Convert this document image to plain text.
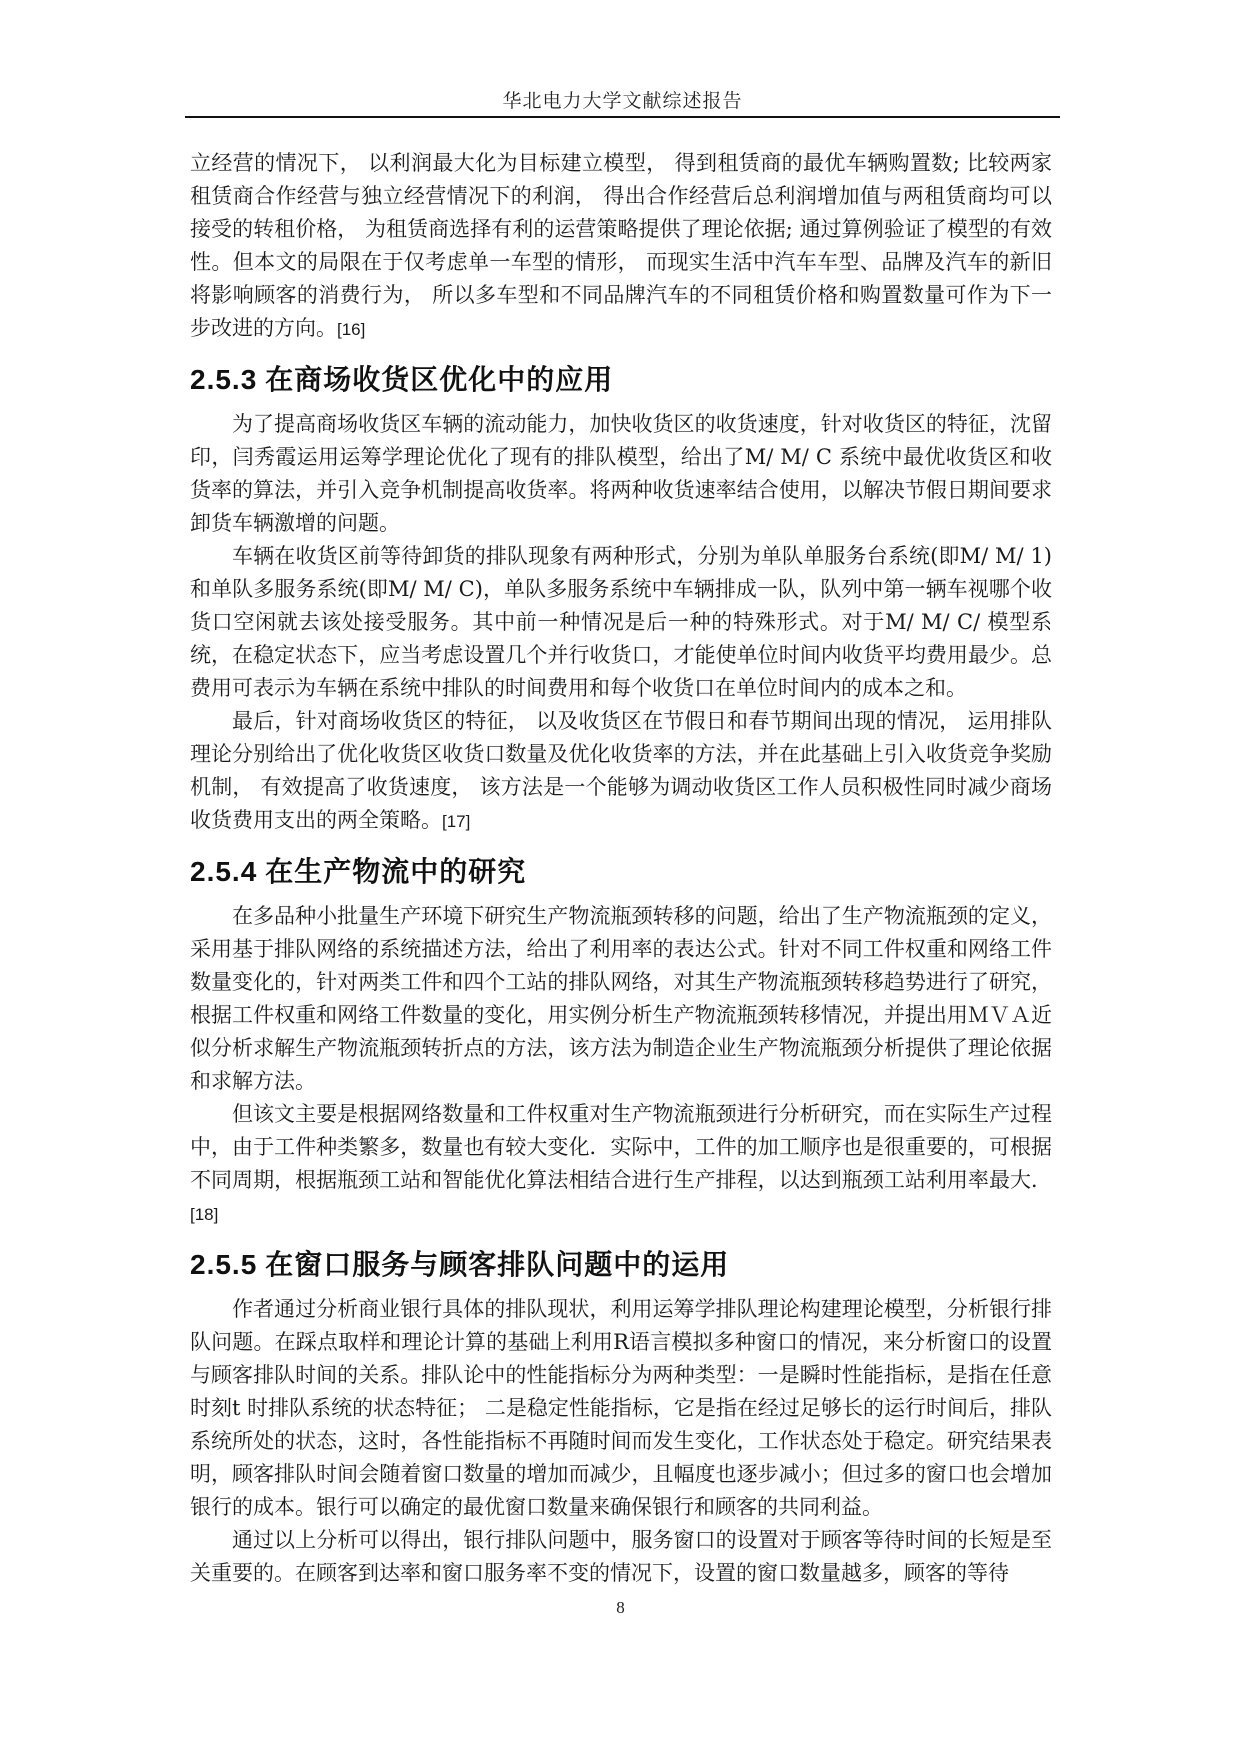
华北电力大学文献综述报告

立经营的情况下， 以利润最大化为目标建立模型， 得到租赁商的最优车辆购置数; 比较两家租赁商合作经营与独立经营情况下的利润， 得出合作经营后总利润增加值与两租赁商均可以接受的转租价格， 为租赁商选择有利的运营策略提供了理论依据; 通过算例验证了模型的有效性。但本文的局限在于仅考虑单一车型的情形， 而现实生活中汽车车型、品牌及汽车的新旧将影响顾客的消费行为， 所以多车型和不同品牌汽车的不同租赁价格和购置数量可作为下一步改进的方向。[16]

2.5.3 在商场收货区优化中的应用

为了提高商场收货区车辆的流动能力，加快收货区的收货速度，针对收货区的特征，沈留印，闫秀霞运用运筹学理论优化了现有的排队模型，给出了M/ M/ C 系统中最优收货区和收货率的算法，并引入竞争机制提高收货率。将两种收货速率结合使用，以解决节假日期间要求卸货车辆激增的问题。

车辆在收货区前等待卸货的排队现象有两种形式，分别为单队单服务台系统(即M/ M/ 1)和单队多服务系统(即M/ M/ C)，单队多服务系统中车辆排成一队，队列中第一辆车视哪个收货口空闲就去该处接受服务。其中前一种情况是后一种的特殊形式。对于M/ M/ C/ 模型系统，在稳定状态下，应当考虑设置几个并行收货口，才能使单位时间内收货平均费用最少。总费用可表示为车辆在系统中排队的时间费用和每个收货口在单位时间内的成本之和。

最后，针对商场收货区的特征， 以及收货区在节假日和春节期间出现的情况， 运用排队理论分别给出了优化收货区收货口数量及优化收货率的方法，并在此基础上引入收货竞争奖励机制， 有效提高了收货速度， 该方法是一个能够为调动收货区工作人员积极性同时减少商场收货费用支出的两全策略。[17]

2.5.4 在生产物流中的研究

在多品种小批量生产环境下研究生产物流瓶颈转移的问题，给出了生产物流瓶颈的定义，采用基于排队网络的系统描述方法，给出了利用率的表达公式。针对不同工件权重和网络工件数量变化的，针对两类工件和四个工站的排队网络，对其生产物流瓶颈转移趋势进行了研究，根据工件权重和网络工件数量的变化，用实例分析生产物流瓶颈转移情况，并提出用ＭＶＡ近似分析求解生产物流瓶颈转折点的方法，该方法为制造企业生产物流瓶颈分析提供了理论依据和求解方法。

但该文主要是根据网络数量和工件权重对生产物流瓶颈进行分析研究，而在实际生产过程中，由于工件种类繁多，数量也有较大变化．实际中，工件的加工顺序也是很重要的，可根据不同周期，根据瓶颈工站和智能优化算法相结合进行生产排程，以达到瓶颈工站利用率最大． [18]

2.5.5 在窗口服务与顾客排队问题中的运用

作者通过分析商业银行具体的排队现状，利用运筹学排队理论构建理论模型，分析银行排队问题。在踩点取样和理论计算的基础上利用R语言模拟多种窗口的情况，来分析窗口的设置与顾客排队时间的关系。排队论中的性能指标分为两种类型：一是瞬时性能指标，是指在任意时刻t 时排队系统的状态特征； 二是稳定性能指标，它是指在经过足够长的运行时间后，排队系统所处的状态，这时，各性能指标不再随时间而发生变化，工作状态处于稳定。研究结果表明，顾客排队时间会随着窗口数量的增加而减少，且幅度也逐步减小；但过多的窗口也会增加银行的成本。银行可以确定的最优窗口数量来确保银行和顾客的共同利益。

通过以上分析可以得出，银行排队问题中，服务窗口的设置对于顾客等待时间的长短是至关重要的。在顾客到达率和窗口服务率不变的情况下，设置的窗口数量越多，顾客的等待

8
